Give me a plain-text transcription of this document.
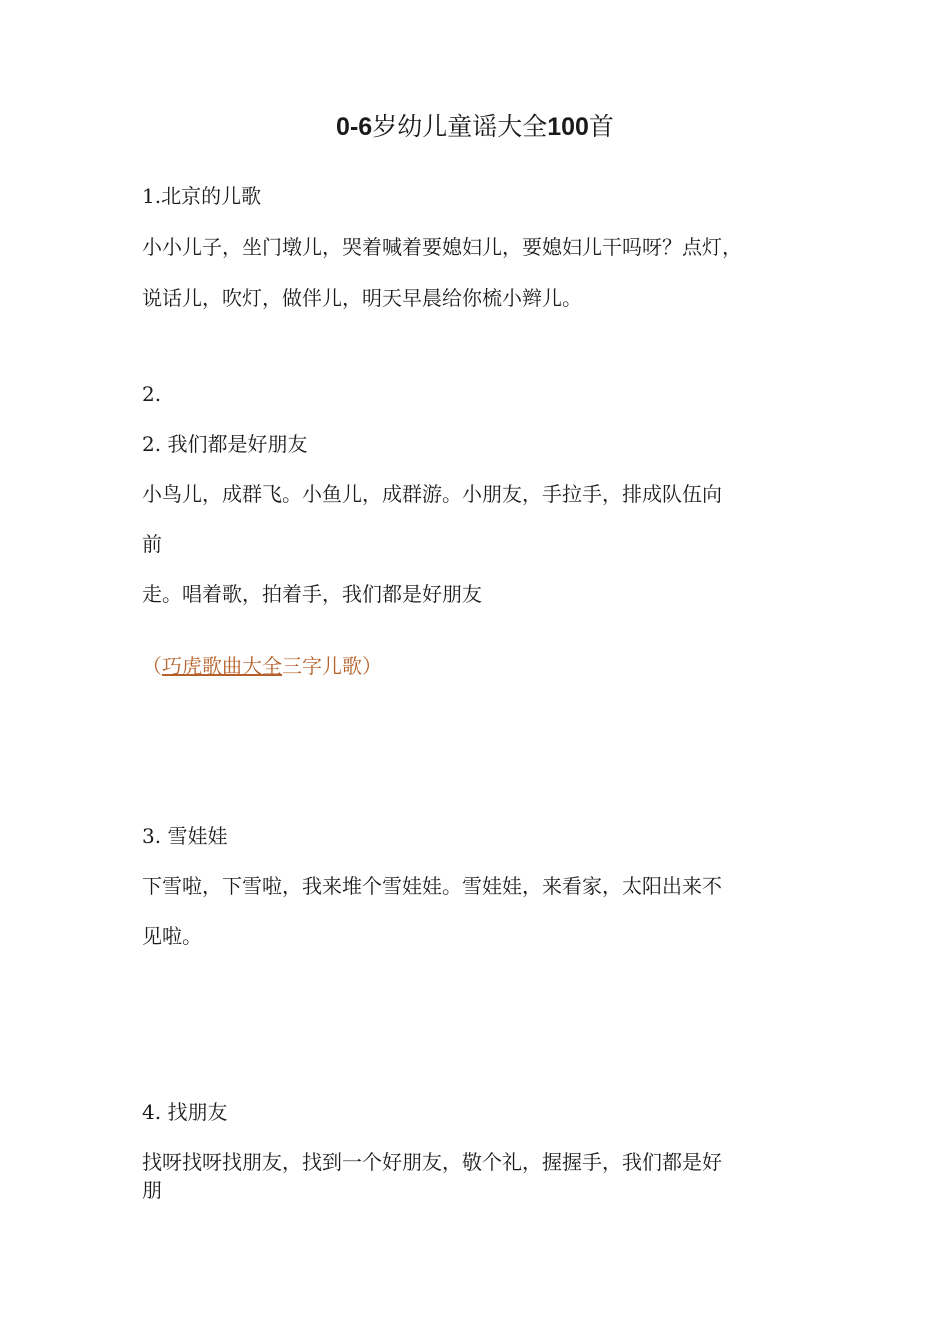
0-6岁幼儿童谣大全100首
1.北京的儿歌
小小儿子，坐门墩儿，哭着喊着要媳妇儿，要媳妇儿干吗呀？点灯，
说话儿，吹灯，做伴儿，明天早晨给你梳小辫儿。
2.
2. 我们都是好朋友
小鸟儿，成群飞。小鱼儿，成群游。小朋友，手拉手，排成队伍向
前
走。唱着歌，拍着手，我们都是好朋友
（巧虎歌曲大全三字儿歌）
3. 雪娃娃
下雪啦，下雪啦，我来堆个雪娃娃。雪娃娃，来看家，太阳出来不
见啦。
4. 找朋友
找呀找呀找朋友，找到一个好朋友，敬个礼，握握手，我们都是好
朋
